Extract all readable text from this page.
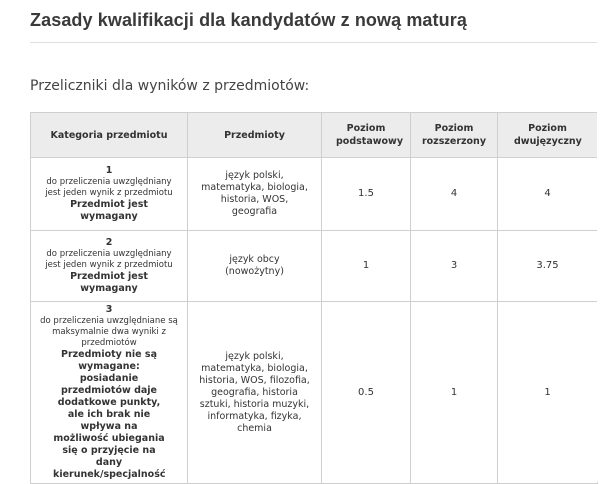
Zasady kwalifikacji dla kandydatów z nową maturą
Przeliczniki dla wyników z przedmiotów:
Kategoria przedmiotu	Przedmioty	Poziom podstawowy	Poziom rozszerzony	Poziom dwujęzyczny

1
do przeliczenia uwzględniany jest jeden wynik z przedmiotu
Przedmiot jest wymagany	język polski, matematyka, biologia, historia, WOS, geografia	1.5	4	4

2
do przeliczenia uwzględniany jest jeden wynik z przedmiotu
Przedmiot jest wymagany	język obcy (nowożytny)	1	3	3.75

3
do przeliczenia uwzględniane są maksymalnie dwa wyniki z przedmiotów
Przedmioty nie są wymagane: posiadanie przedmiotów daje dodatkowe punkty, ale ich brak nie wpływa na możliwość ubiegania się o przyjęcie na dany kierunek/specjalność	język polski, matematyka, biologia, historia, WOS, filozofia, geografia, historia sztuki, historia muzyki, informatyka, fizyka, chemia	0.5	1	1
